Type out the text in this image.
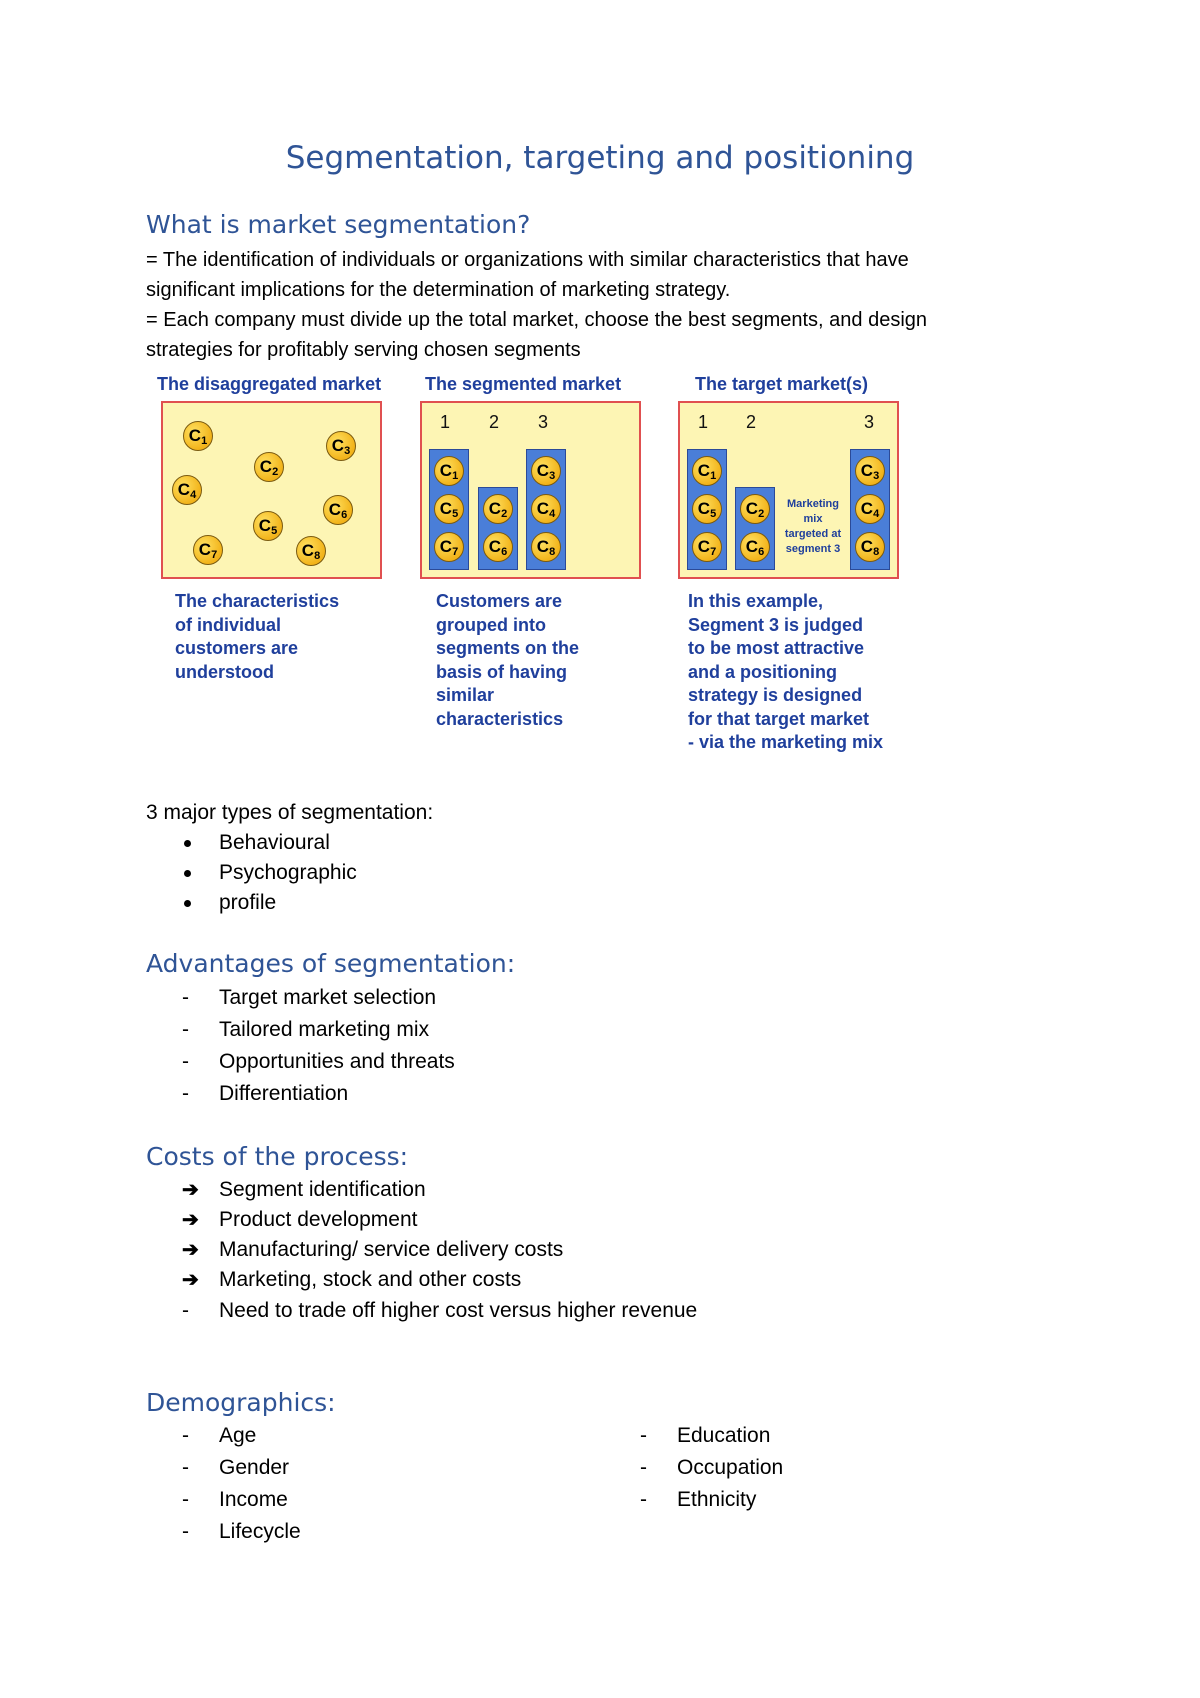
Segmentation, targeting and positioning
What is market segmentation?

= The identification of individuals or organizations with similar characteristics that have

significant implications for the determination of marketing strategy.

= Each company must divide up the total market, choose the best segments, and design

strategies for profitably serving chosen segments

The disaggregated market The segmented market	The target market(s)
$C_1$
$C_2$
$C_3$
$C_4$
$C_5$
$C_6$
$C_7$	$C_8$
1 2 3	1 2	3
Marketing
mix
targeted at
segment 3
$C_1$
$C_5$
$C_7$
$C_2$
$C_6$
$C_3$
$C_4$
$C_8$
$C_1$
$C_5$
$C_7$
$C_2$
$C_6$
$C_3$
$C_4$
$C_8$
The characteristics
of individual
customers are
understood
Customers are
grouped into
segments on the
basis of having
similar
characteristics
In this example,
Segment 3 is judged
to be most attractive
and a positioning
strategy is designed
for that target market
- via the marketing mix
3 major types of segmentation:
Behavioural
Psychographic
profile
Advantages of segmentation:
- Target market selection
- Tailored marketing mix
- Opportunities and threats
- Differentiation
Costs of the process:
➔ Segment identification
➔ Product development
➔ Manufacturing/ service delivery costs
➔ Marketing, stock and other costs
- Need to trade off higher cost versus higher revenue
Demographics:
- Age
- Gender
- Income
- Lifecycle
- Education
- Occupation
- Ethnicity
